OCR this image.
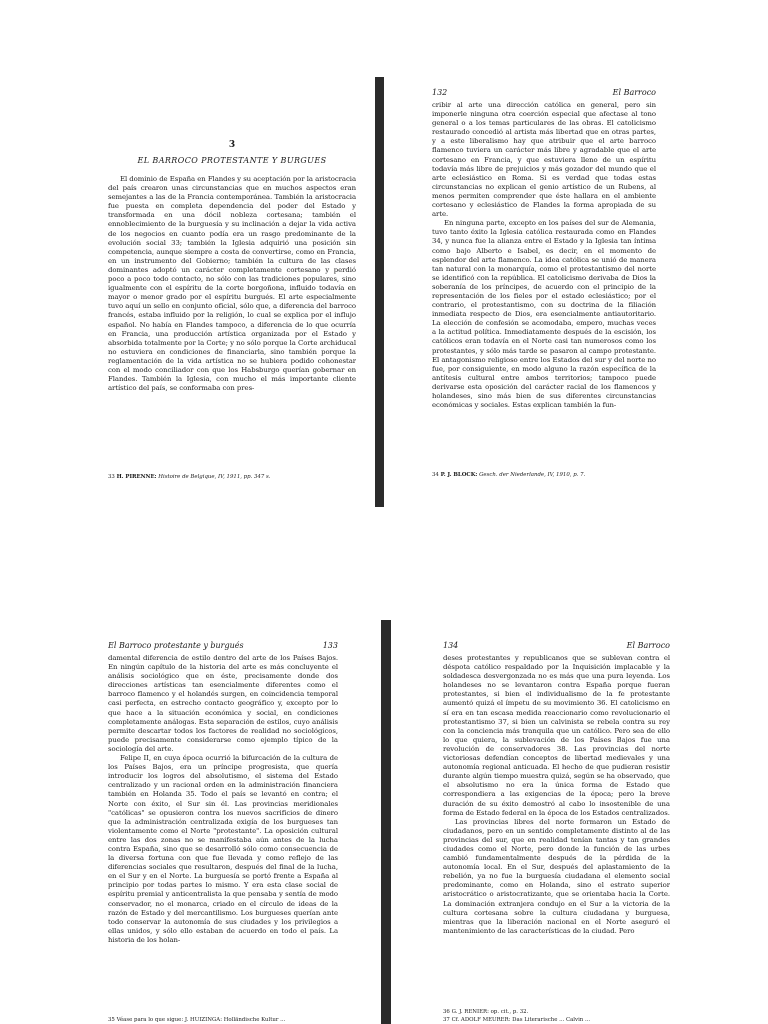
3
EL BARROCO PROTESTANTE Y BURGUES

El dominio de España en Flandes y su aceptación por la aristocracia del país crearon unas circunstancias que en muchos aspectos eran semejantes a las de la Francia contemporánea. También la aristocracia fue puesta en completa dependencia del poder del Estado y transformada en una dócil nobleza cortesana; también el ennoblecimiento de la burguesía y su inclinación a dejar la vida activa de los negocios en cuanto podía era un rasgo predominante de la evolución social 33; también la Iglesia adquirió una posición sin competencia, aunque siempre a costa de convertirse, como en Francia, en un instrumento del Gobierno; también la cultura de las clases dominantes adoptó un carácter completamente cortesano y perdió poco a poco todo contacto, no sólo con las tradiciones populares, sino igualmente con el espíritu de la corte borgoñona, influido todavía en mayor o menor grado por el espíritu burgués. El arte especialmente tuvo aquí un sello en conjunto oficial, sólo que, a diferencia del barroco francés, estaba influido por la religión, lo cual se explica por el influjo español. No había en Flandes tampoco, a diferencia de lo que ocurría en Francia, una producción artística organizada por el Estado y absorbida totalmente por la Corte; y no sólo porque la Corte archiducal no estuviera en condiciones de financiarla, sino también porque la reglamentación de la vida artística no se hubiera podido cohonestar con el modo conciliador con que los Habsburgo querían gobernar en Flandes. También la Iglesia, con mucho el más importante cliente artístico del país, se conformaba con pres-

33 H. PIRENNE: Histoire de Belgique, IV, 1911, pp. 347 s.
132	El Barroco

cribir al arte una dirección católica en general, pero sin imponerle ninguna otra coerción especial que afectase al tono general o a los temas particulares de las obras. El catolicismo restaurado concedió al artista más libertad que en otras partes, y a este liberalismo hay que atribuir que el arte barroco flamenco tuviera un carácter más libre y agradable que el arte cortesano en Francia, y que estuviera lleno de un espíritu todavía más libre de prejuicios y más gozador del mundo que el arte eclesiástico en Roma. Si es verdad que todas estas circunstancias no explican el genio artístico de un Rubens, al menos permiten comprender que éste hallara en el ambiente cortesano y eclesiástico de Flandes la forma apropiada de su arte.

En ninguna parte, excepto en los países del sur de Alemania, tuvo tanto éxito la Iglesia católica restaurada como en Flandes 34, y nunca fue la alianza entre el Estado y la Iglesia tan íntima como bajo Alberto e Isabel, es decir, en el momento de esplendor del arte flamenco. La idea católica se unió de manera tan natural con la monarquía, como el protestantismo del norte se identificó con la república. El catolicismo derivaba de Dios la soberanía de los príncipes, de acuerdo con el principio de la representación de los fieles por el estado eclesiástico; por el contrario, el protestantismo, con su doctrina de la filiación inmediata respecto de Dios, era esencialmente antiautoritario. La elección de confesión se acomodaba, empero, muchas veces a la actitud política. Inmediatamente después de la escisión, los católicos eran todavía en el Norte casi tan numerosos como los protestantes, y sólo más tarde se pasaron al campo protestante. El antagonismo religioso entre los Estados del sur y del norte no fue, por consiguiente, en modo alguno la razón específica de la antítesis cultural entre ambos territorios; tampoco puede derivarse esta oposición del carácter racial de los flamencos y holandeses, sino más bien de sus diferentes circunstancias económicas y sociales. Estas explican también la fun-

34 P. J. BLOCK: Gesch. der Niederlande, IV, 1910, p. 7.
El Barroco protestante y burgués	133

damental diferencia de estilo dentro del arte de los Países Bajos. En ningún capítulo de la historia del arte es más concluyente el análisis sociológico que en éste, precisamente donde dos direcciones artísticas tan esencialmente diferentes como el barroco flamenco y el holandés surgen, en coincidencia temporal casi perfecta, en estrecho contacto geográfico y, excepto por lo que hace a la situación económica y social, en condiciones completamente análogas. Esta separación de estilos, cuyo análisis permite descartar todos los factores de realidad no sociológicos, puede precisamente considerarse como ejemplo típico de la sociología del arte.

Felipe II, en cuya época ocurrió la bifurcación de la cultura de los Países Bajos, era un príncipe progresista, que quería introducir los logros del absolutismo, el sistema del Estado centralizado y un racional orden en la administración financiera también en Holanda 35. Todo el país se levantó en contra; el Norte con éxito, el Sur sin él. Las provincias meridionales "católicas" se opusieron contra los nuevos sacrificios de dinero que la administración centralizada exigía de los burgueses tan violentamente como el Norte "protestante". La oposición cultural entre las dos zonas no se manifestaba aún antes de la lucha contra España, sino que se desarrolló sólo como consecuencia de la diversa fortuna con que fue llevada y como reflejo de las diferencias sociales que resultaron, después del final de la lucha, en el Sur y en el Norte. La burguesía se portó frente a España al principio por todas partes lo mismo. Y era esta clase social de espíritu premial y anticentralista la que pensaba y sentía de modo conservador, no el monarca, criado en el círculo de ideas de la razón de Estado y del mercantilismo. Los burgueses querían ante todo conservar la autonomía de sus ciudades y los privilegios a ellas unidos, y sólo ello estaban de acuerdo en todo el país. La historia de los holan-

35 Véase para lo que sigue: J. HUIZINGA: Holländische Kultur ...
134	El Barroco

deses protestantes y republicanos que se sublevan contra el déspota católico respaldado por la Inquisición implacable y la soldadesca desvergonzada no es más que una pura leyenda. Los holandeses no se levantaron contra España porque fueran protestantes, si bien el individualismo de la fe protestante aumentó quizá el ímpetu de su movimiento 36. El catolicismo en sí era en tan escasa medida reaccionario como revolucionario el protestantismo 37, si bien un calvinista se rebela contra su rey con la conciencia más tranquila que un católico. Pero sea de ello lo que quiera, la sublevación de los Países Bajos fue una revolución de conservadores 38. Las provincias del norte victoriosas defendían conceptos de libertad medievales y una autonomía regional anticuada. El hecho de que pudieran resistir durante algún tiempo muestra quizá, según se ha observado, que el absolutismo no era la única forma de Estado que correspondiera a las exigencias de la época; pero la breve duración de su éxito demostró al cabo lo insostenible de una forma de Estado federal en la época de los Estados centralizados.

Las provincias libres del norte formaron un Estado de ciudadanos, pero en un sentido completamente distinto al de las provincias del sur, que en realidad tenían tantas y tan grandes ciudades como el Norte, pero donde la función de las urbes cambió fundamentalmente después de la pérdida de la autonomía local. En el Sur, después del aplastamiento de la rebelión, ya no fue la burguesía ciudadana el elemento social predominante, como en Holanda, sino el estrato superior aristocrático o aristocratizante, que se orientaba hacia la Corte. La dominación extranjera condujo en el Sur a la victoria de la cultura cortesana sobre la cultura ciudadana y burguesa, mientras que la liberación nacional en el Norte aseguró el mantenimiento de las características de la ciudad. Pero

36 G. J. RENIER: op. cit., p. 32.
37 Cf. ADOLF MEURER: Das Literarische ... Calvin ...
